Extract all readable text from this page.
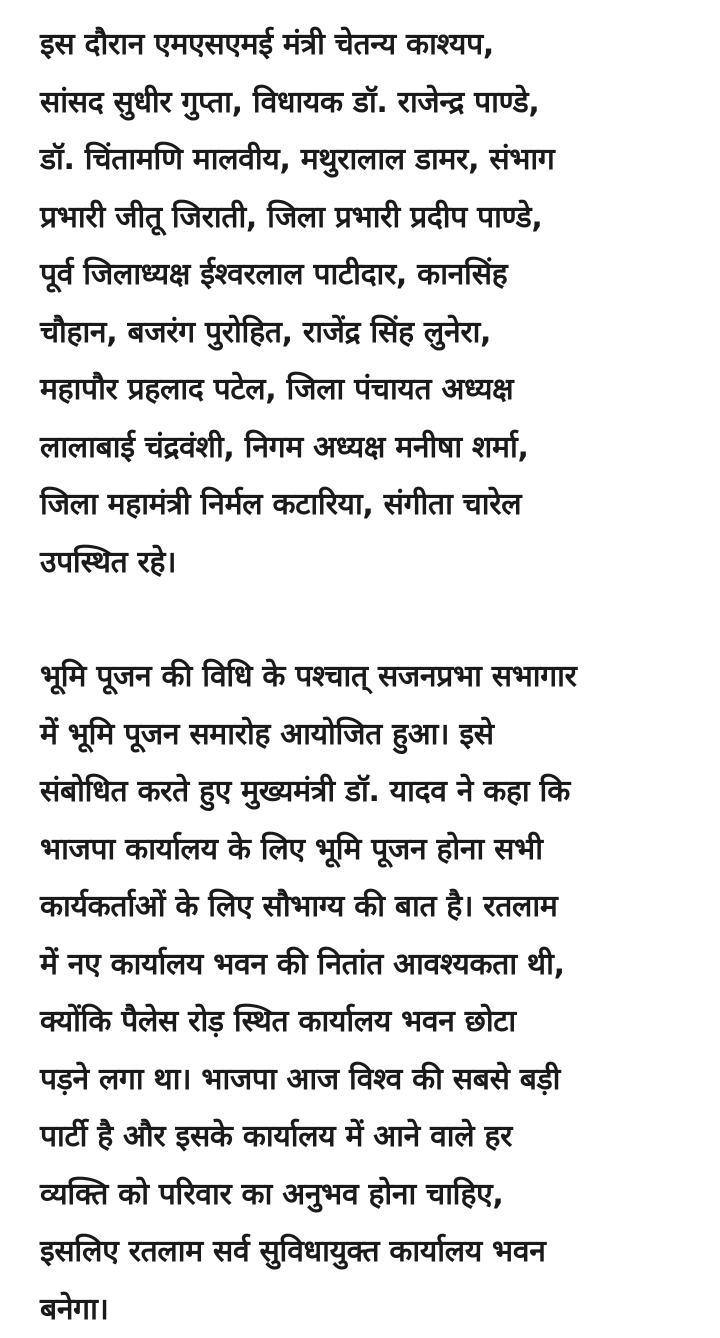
इस दौरान एमएसएमई मंत्री चेतन्य काश्यप,
सांसद सुधीर गुप्ता, विधायक डॉ. राजेन्द्र पाण्डे,
डॉ. चिंतामणि मालवीय, मथुरालाल डामर, संभाग
प्रभारी जीतू जिराती, जिला प्रभारी प्रदीप पाण्डे,
पूर्व जिलाध्यक्ष ईश्वरलाल पाटीदार, कानसिंह
चौहान, बजरंग पुरोहित, राजेंद्र सिंह लुनेरा,
महापौर प्रहलाद पटेल, जिला पंचायत अध्यक्ष
लालाबाई चंद्रवंशी, निगम अध्यक्ष मनीषा शर्मा,
जिला महामंत्री निर्मल कटारिया, संगीता चारेल
उपस्थित रहे।

भूमि पूजन की विधि के पश्चात् सजनप्रभा सभागार
में भूमि पूजन समारोह आयोजित हुआ। इसे
संबोधित करते हुए मुख्यमंत्री डॉ. यादव ने कहा कि
भाजपा कार्यालय के लिए भूमि पूजन होना सभी
कार्यकर्ताओं के लिए सौभाग्य की बात है। रतलाम
में नए कार्यालय भवन की नितांत आवश्यकता थी,
क्योंकि पैलेस रोड़ स्थित कार्यालय भवन छोटा
पड़ने लगा था। भाजपा आज विश्व की सबसे बड़ी
पार्टी है और इसके कार्यालय में आने वाले हर
व्यक्ति को परिवार का अनुभव होना चाहिए,
इसलिए रतलाम सर्व सुविधायुक्त कार्यालय भवन
बनेगा।
